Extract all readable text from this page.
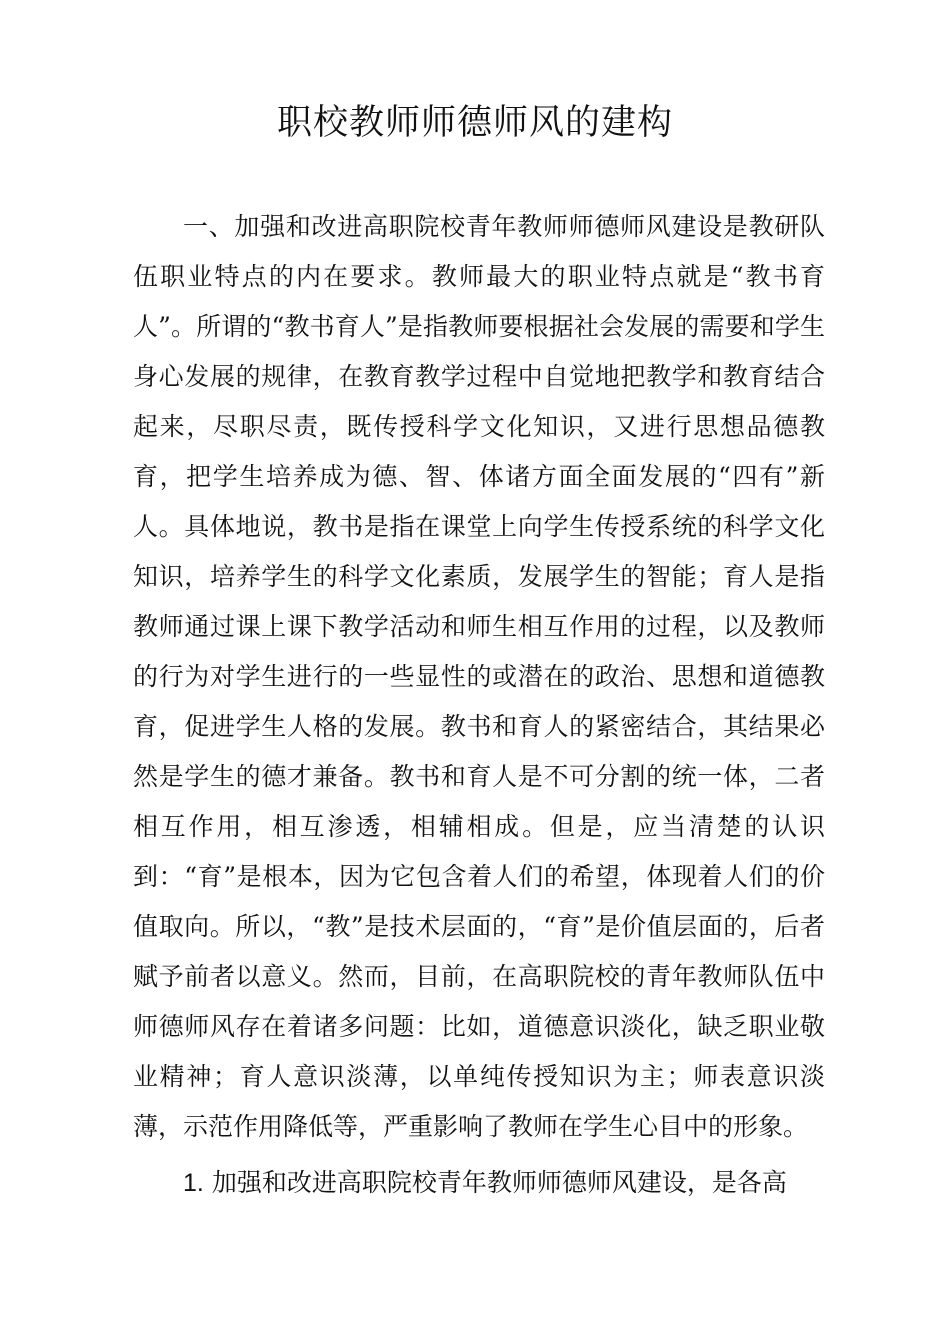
职校教师师德师风的建构

一、加强和改进高职院校青年教师师德师风建设是教研队伍职业特点的内在要求。教师最大的职业特点就是“教书育人”。所谓的“教书育人”是指教师要根据社会发展的需要和学生身心发展的规律，在教育教学过程中自觉地把教学和教育结合起来，尽职尽责，既传授科学文化知识，又进行思想品德教育，把学生培养成为德、智、体诸方面全面发展的“四有”新人。具体地说，教书是指在课堂上向学生传授系统的科学文化知识，培养学生的科学文化素质，发展学生的智能；育人是指教师通过课上课下教学活动和师生相互作用的过程，以及教师的行为对学生进行的一些显性的或潜在的政治、思想和道德教育，促进学生人格的发展。教书和育人的紧密结合，其结果必然是学生的德才兼备。教书和育人是不可分割的统一体，二者相互作用，相互渗透，相辅相成。但是，应当清楚的认识到：“育”是根本，因为它包含着人们的希望，体现着人们的价值取向。所以，“教”是技术层面的，“育”是价值层面的，后者赋予前者以意义。然而，目前，在高职院校的青年教师队伍中师德师风存在着诸多问题：比如，道德意识淡化，缺乏职业敬业精神；育人意识淡薄，以单纯传授知识为主；师表意识淡薄，示范作用降低等，严重影响了教师在学生心目中的形象。

1. 加强和改进高职院校青年教师师德师风建设，是各高
